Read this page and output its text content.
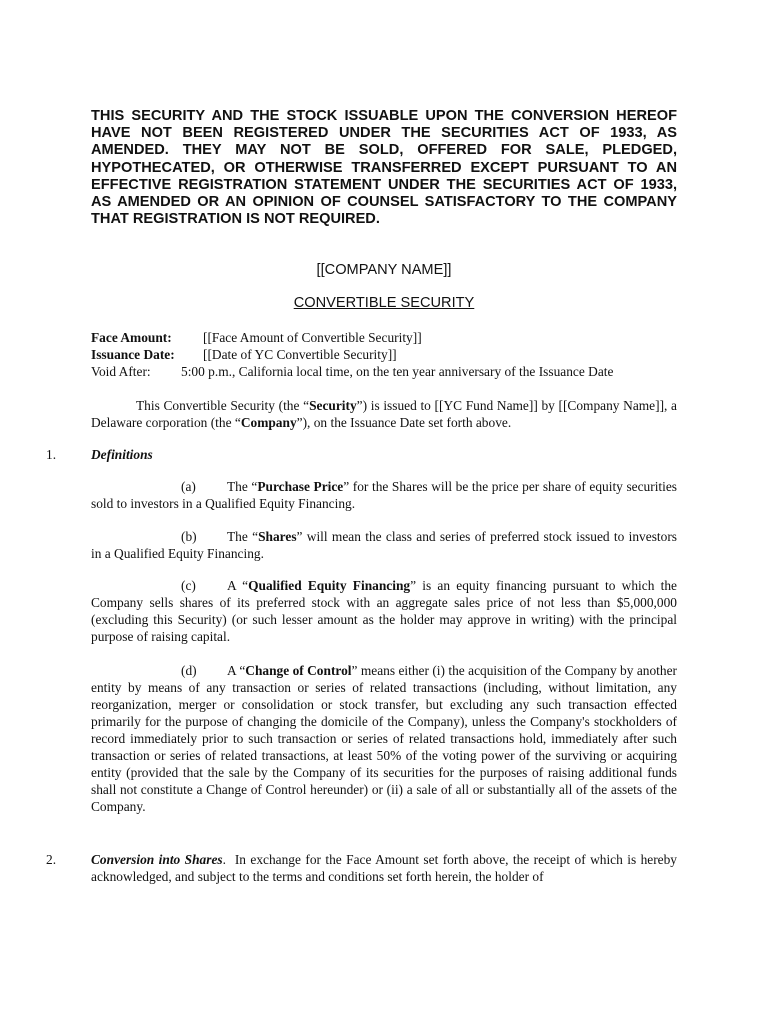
THIS SECURITY AND THE STOCK ISSUABLE UPON THE CONVERSION HEREOF HAVE NOT BEEN REGISTERED UNDER THE SECURITIES ACT OF 1933, AS AMENDED. THEY MAY NOT BE SOLD, OFFERED FOR SALE, PLEDGED, HYPOTHECATED, OR OTHERWISE TRANSFERRED EXCEPT PURSUANT TO AN EFFECTIVE REGISTRATION STATEMENT UNDER THE SECURITIES ACT OF 1933, AS AMENDED OR AN OPINION OF COUNSEL SATISFACTORY TO THE COMPANY THAT REGISTRATION IS NOT REQUIRED.

[[COMPANY NAME]]

CONVERTIBLE SECURITY

Face Amount: [[Face Amount of Convertible Security]]

Issuance Date: [[Date of YC Convertible Security]]

Void After: 5:00 p.m., California local time, on the ten year anniversary of the Issuance Date

This Convertible Security (the “Security”) is issued to [[YC Fund Name]] by [[Company Name]], a Delaware corporation (the “Company”), on the Issuance Date set forth above.

1.	Definitions

(a) The “Purchase Price” for the Shares will be the price per share of equity securities sold to investors in a Qualified Equity Financing.

(b) The “Shares” will mean the class and series of preferred stock issued to investors in a Qualified Equity Financing.

(c) A “Qualified Equity Financing” is an equity financing pursuant to which the Company sells shares of its preferred stock with an aggregate sales price of not less than $5,000,000 (excluding this Security) (or such lesser amount as the holder may approve in writing) with the principal purpose of raising capital.

(d) A “Change of Control” means either (i) the acquisition of the Company by another entity by means of any transaction or series of related transactions (including, without limitation, any reorganization, merger or consolidation or stock transfer, but excluding any such transaction effected primarily for the purpose of changing the domicile of the Company), unless the Company's stockholders of record immediately prior to such transaction or series of related transactions hold, immediately after such transaction or series of related transactions, at least 50% of the voting power of the surviving or acquiring entity (provided that the sale by the Company of its securities for the purposes of raising additional funds shall not constitute a Change of Control hereunder) or (ii) a sale of all or substantially all of the assets of the Company.

2.	Conversion into Shares.  In exchange for the Face Amount set forth above, the receipt of which is hereby acknowledged, and subject to the terms and conditions set forth herein, the holder of
